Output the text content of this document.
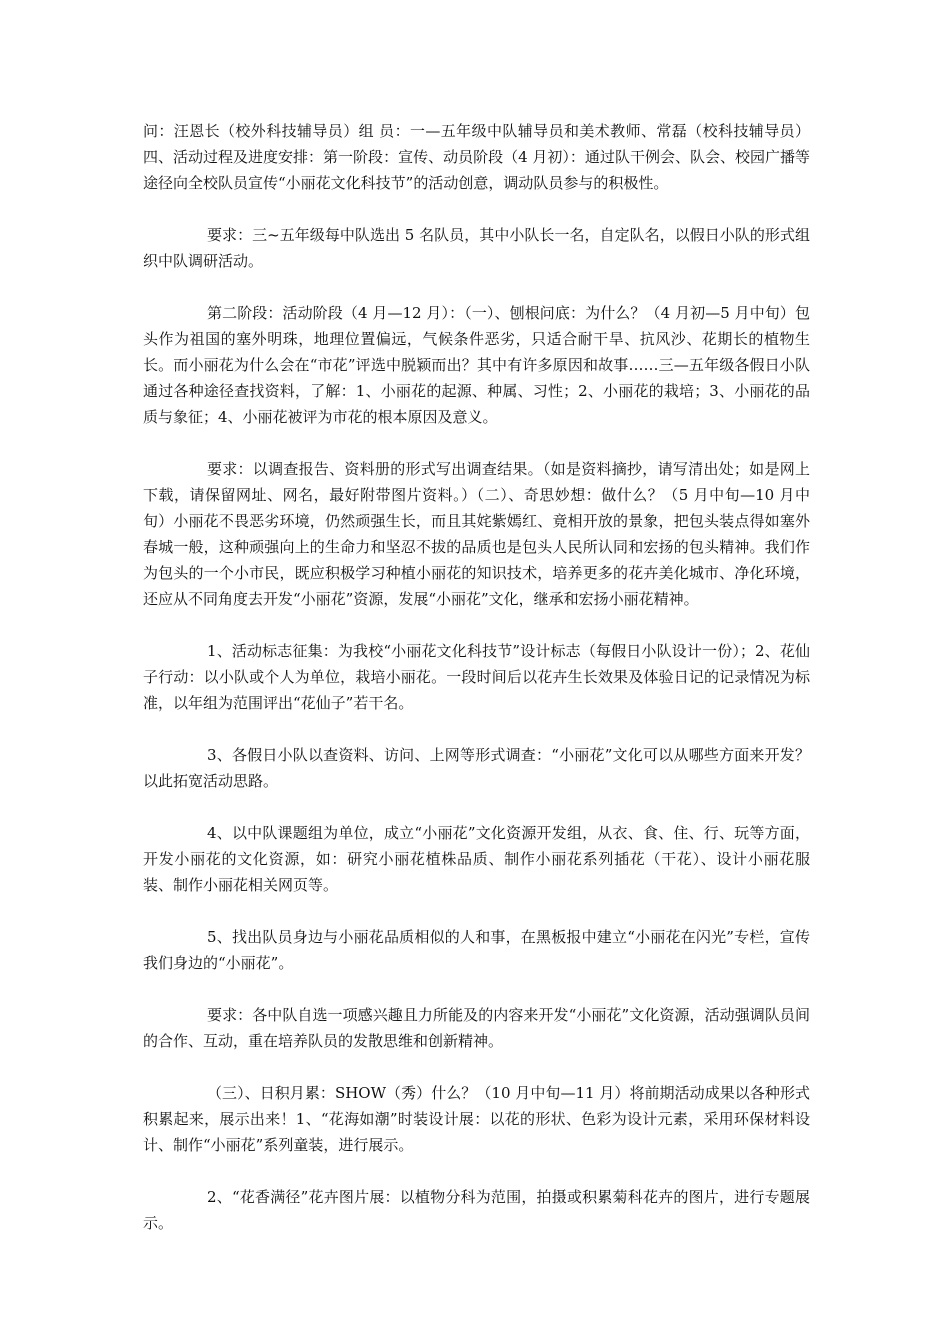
问：汪恩长（校外科技辅导员）组 员：一—五年级中队辅导员和美术教师、常磊（校科技辅导员）四、活动过程及进度安排：第一阶段：宣传、动员阶段（4 月初）：通过队干例会、队会、校园广播等途径向全校队员宣传“小丽花文化科技节”的活动创意，调动队员参与的积极性。

要求：三~五年级每中队选出 5 名队员，其中小队长一名，自定队名，以假日小队的形式组织中队调研活动。

第二阶段：活动阶段（4 月—12 月）：（一）、刨根问底：为什么？（4 月初—5 月中旬）包头作为祖国的塞外明珠，地理位置偏远，气候条件恶劣，只适合耐干旱、抗风沙、花期长的植物生长。而小丽花为什么会在“市花”评选中脱颖而出？其中有许多原因和故事……三—五年级各假日小队通过各种途径查找资料，了解：1、小丽花的起源、种属、习性；2、小丽花的栽培；3、小丽花的品质与象征；4、小丽花被评为市花的根本原因及意义。

要求：以调查报告、资料册的形式写出调查结果。（如是资料摘抄，请写清出处；如是网上下载，请保留网址、网名，最好附带图片资料。）（二）、奇思妙想：做什么？（5 月中旬—10 月中旬）小丽花不畏恶劣环境，仍然顽强生长，而且其姹紫嫣红、竟相开放的景象，把包头装点得如塞外春城一般，这种顽强向上的生命力和坚忍不拔的品质也是包头人民所认同和宏扬的包头精神。我们作为包头的一个小市民，既应积极学习种植小丽花的知识技术，培养更多的花卉美化城市、净化环境，还应从不同角度去开发“小丽花”资源，发展“小丽花”文化，继承和宏扬小丽花精神。

1、活动标志征集：为我校“小丽花文化科技节”设计标志（每假日小队设计一份）；2、花仙子行动：以小队或个人为单位，栽培小丽花。一段时间后以花卉生长效果及体验日记的记录情况为标准，以年组为范围评出“花仙子”若干名。

3、各假日小队以查资料、访问、上网等形式调查：“小丽花”文化可以从哪些方面来开发？以此拓宽活动思路。

4、以中队课题组为单位，成立“小丽花”文化资源开发组，从衣、食、住、行、玩等方面，开发小丽花的文化资源，如：研究小丽花植株品质、制作小丽花系列插花（干花）、设计小丽花服装、制作小丽花相关网页等。

5、找出队员身边与小丽花品质相似的人和事，在黑板报中建立“小丽花在闪光”专栏，宣传我们身边的“小丽花”。

要求：各中队自选一项感兴趣且力所能及的内容来开发“小丽花”文化资源，活动强调队员间的合作、互动，重在培养队员的发散思维和创新精神。

（三）、日积月累：SHOW（秀）什么？（10 月中旬—11 月）将前期活动成果以各种形式积累起来，展示出来！1、“花海如潮”时装设计展：以花的形状、色彩为设计元素，采用环保材料设计、制作“小丽花”系列童装，进行展示。

2、“花香满径”花卉图片展：以植物分科为范围，拍摄或积累菊科花卉的图片，进行专题展示。
